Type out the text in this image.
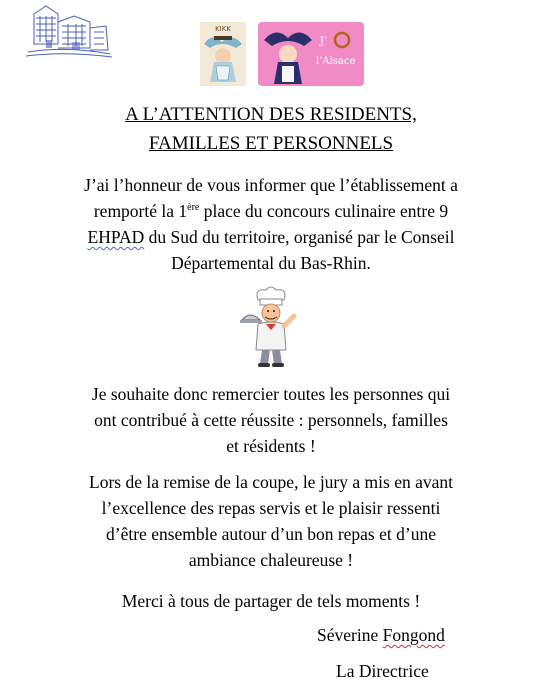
KIKK
J’
l’Alsace
A L’ATTENTION DES RESIDENTS,
FAMILLES ET PERSONNELS
J’ai l’honneur de vous informer que l’établissement a
remporté la 1ère place du concours culinaire entre 9
EHPAD du Sud du territoire, organisé par le Conseil
Départemental du Bas-Rhin.
Je souhaite donc remercier toutes les personnes qui
ont contribué à cette réussite : personnels, familles
et résidents !
Lors de la remise de la coupe, le jury a mis en avant
l’excellence des repas servis et le plaisir ressenti
d’être ensemble autour d’un bon repas et d’une
ambiance chaleureuse !
Merci à tous de partager de tels moments !
Séverine Fongond
La Directrice
